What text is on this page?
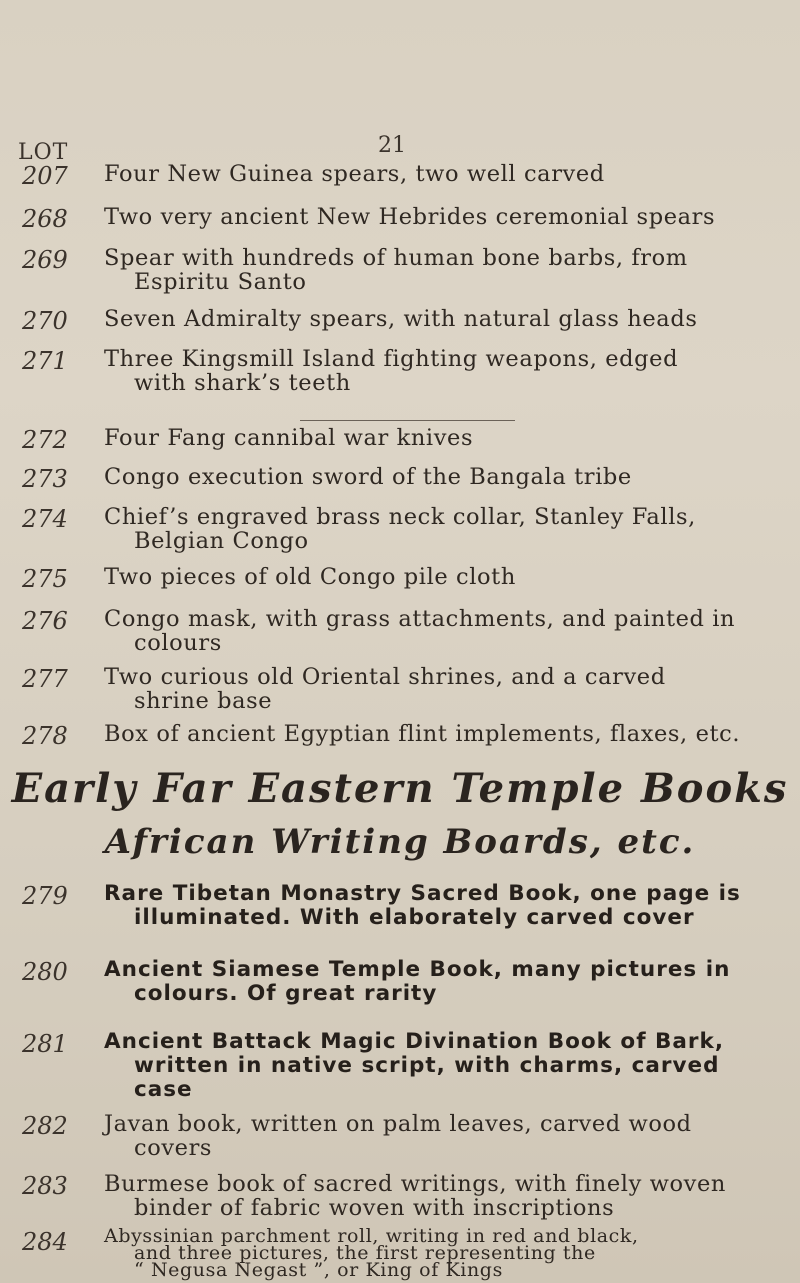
21
LOT
207	Four New Guinea spears, two well carved
268	Two very ancient New Hebrides ceremonial spears
269	Spear with hundreds of human bone barbs, from
Espiritu Santo
270	Seven Admiralty spears, with natural glass heads
271	Three Kingsmill Island fighting weapons, edged
with shark’s teeth
272	Four Fang cannibal war knives
273	Congo execution sword of the Bangala tribe
274	Chief’s engraved brass neck collar, Stanley Falls,
Belgian Congo
275	Two pieces of old Congo pile cloth
276	Congo mask, with grass attachments, and painted in
colours
277	Two curious old Oriental shrines, and a carved
shrine base
278	Box of ancient Egyptian flint implements, flaxes, etc.
Early Far Eastern Temple Books
African Writing Boards, etc.
279	Rare Tibetan Monastry Sacred Book, one page is
illuminated. With elaborately carved cover
280	Ancient Siamese Temple Book, many pictures in
colours. Of great rarity
281	Ancient Battack Magic Divination Book of Bark,
written in native script, with charms, carved
case
282	Javan book, written on palm leaves, carved wood
covers
283	Burmese book of sacred writings, with finely woven
binder of fabric woven with inscriptions
284	Abyssinian parchment roll, writing in red and black,
and three pictures, the first representing the
“ Negusa Negast ”, or King of Kings
